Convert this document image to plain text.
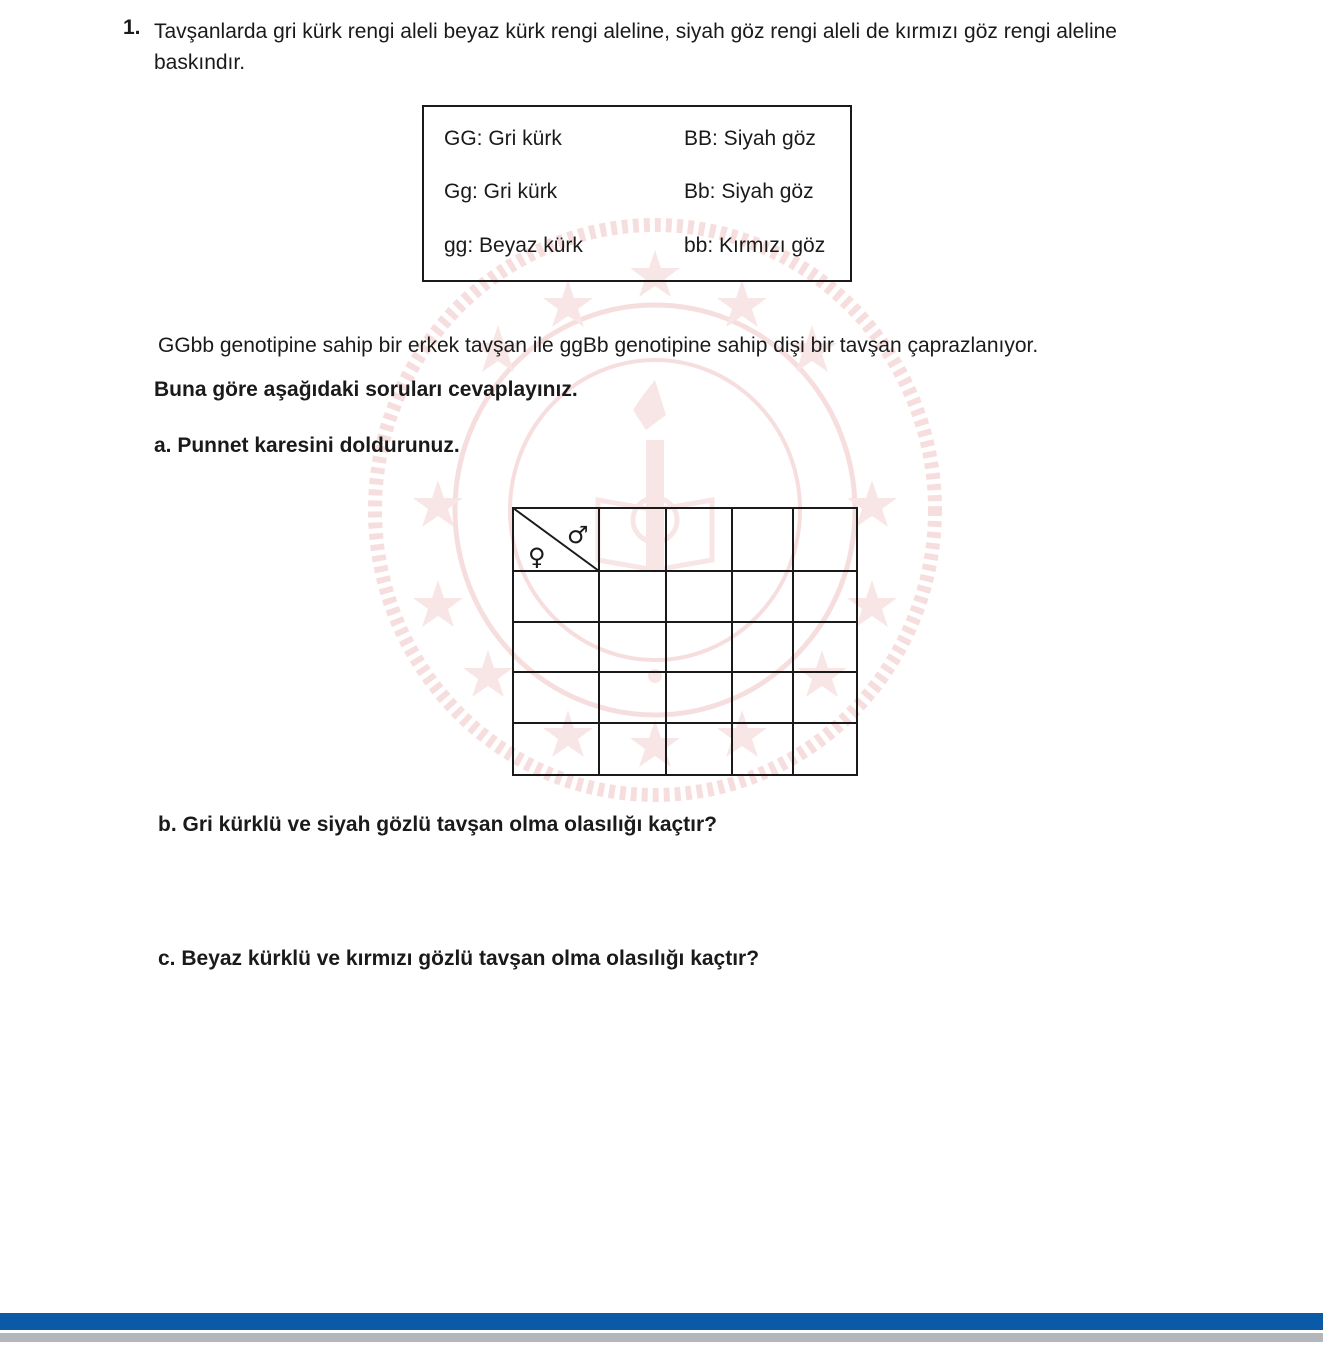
1. Tavşanlarda gri kürk rengi aleli beyaz kürk rengi aleline, siyah göz rengi aleli de kırmızı göz rengi aleline baskındır.
GG: Gri kürk	BB: Siyah göz
Gg: Gri kürk	Bb: Siyah göz
gg: Beyaz kürk	bb: Kırmızı göz
GGbb genotipine sahip bir erkek tavşan ile ggBb genotipine sahip dişi bir tavşan çaprazlanıyor.
Buna göre aşağıdaki soruları cevaplayınız.
a. Punnet karesini doldurunuz.
♂
♀
b. Gri kürklü ve siyah gözlü tavşan olma olasılığı kaçtır?
c. Beyaz kürklü ve kırmızı gözlü tavşan olma olasılığı kaçtır?
